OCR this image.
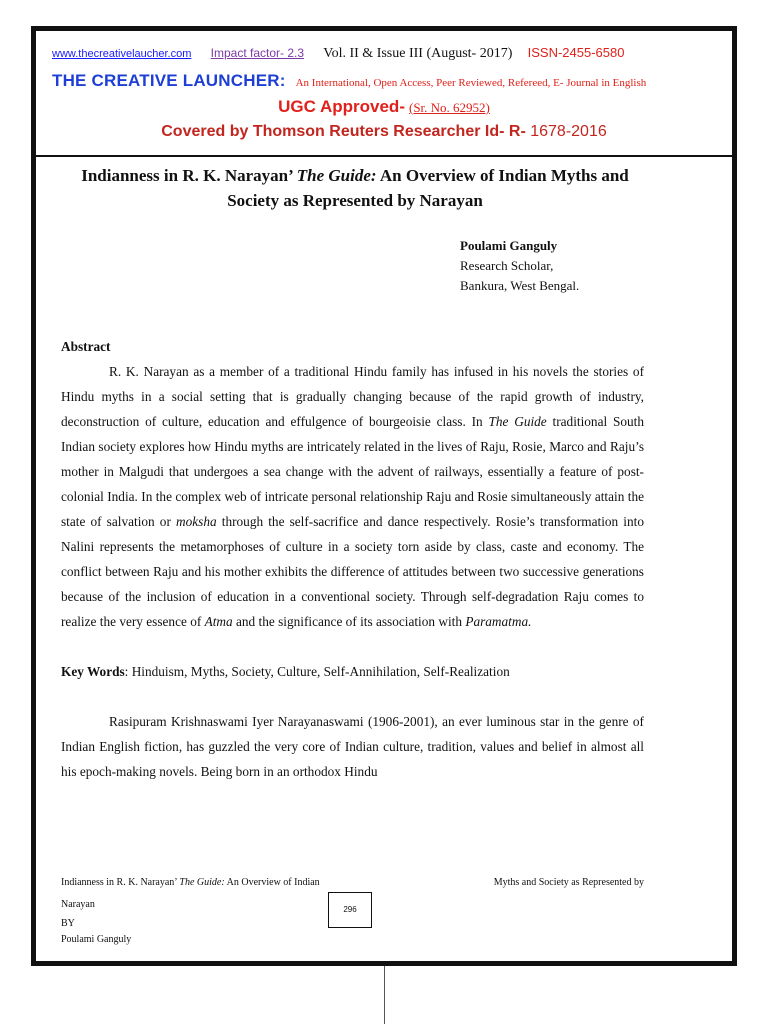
www.thecreativelaucher.com Impact factor- 2.3 Vol. II & Issue III (August- 2017) ISSN-2455-6580
THE CREATIVE LAUNCHER: An International, Open Access, Peer Reviewed, Refereed, E- Journal in English
UGC Approved- (Sr. No. 62952)
Covered by Thomson Reuters Researcher Id- R- 1678-2016
Indianness in R. K. Narayan’ The Guide: An Overview of Indian Myths and Society as Represented by Narayan
Poulami Ganguly
Research Scholar,
Bankura, West Bengal.

Abstract

R. K. Narayan as a member of a traditional Hindu family has infused in his novels the stories of Hindu myths in a social setting that is gradually changing because of the rapid growth of industry, deconstruction of culture, education and effulgence of bourgeoisie class. In The Guide traditional South Indian society explores how Hindu myths are intricately related in the lives of Raju, Rosie, Marco and Raju’s mother in Malgudi that undergoes a sea change with the advent of railways, essentially a feature of post-colonial India. In the complex web of intricate personal relationship Raju and Rosie simultaneously attain the state of salvation or moksha through the self-sacrifice and dance respectively. Rosie’s transformation into Nalini represents the metamorphoses of culture in a society torn aside by class, caste and economy. The conflict between Raju and his mother exhibits the difference of attitudes between two successive generations because of the inclusion of education in a conventional society. Through self-degradation Raju comes to realize the very essence of Atma and the significance of its association with Paramatma.

Key Words: Hinduism, Myths, Society, Culture, Self-Annihilation, Self-Realization

Rasipuram Krishnaswami Iyer Narayanaswami (1906-2001), an ever luminous star in the genre of Indian English fiction, has guzzled the very core of Indian culture, tradition, values and belief in almost all his epoch-making novels. Being born in an orthodox Hindu

Indianness in R. K. Narayan’ The Guide: An Overview of Indian	Myths and Society as Represented by
Narayan
BY
Poulami Ganguly
296
